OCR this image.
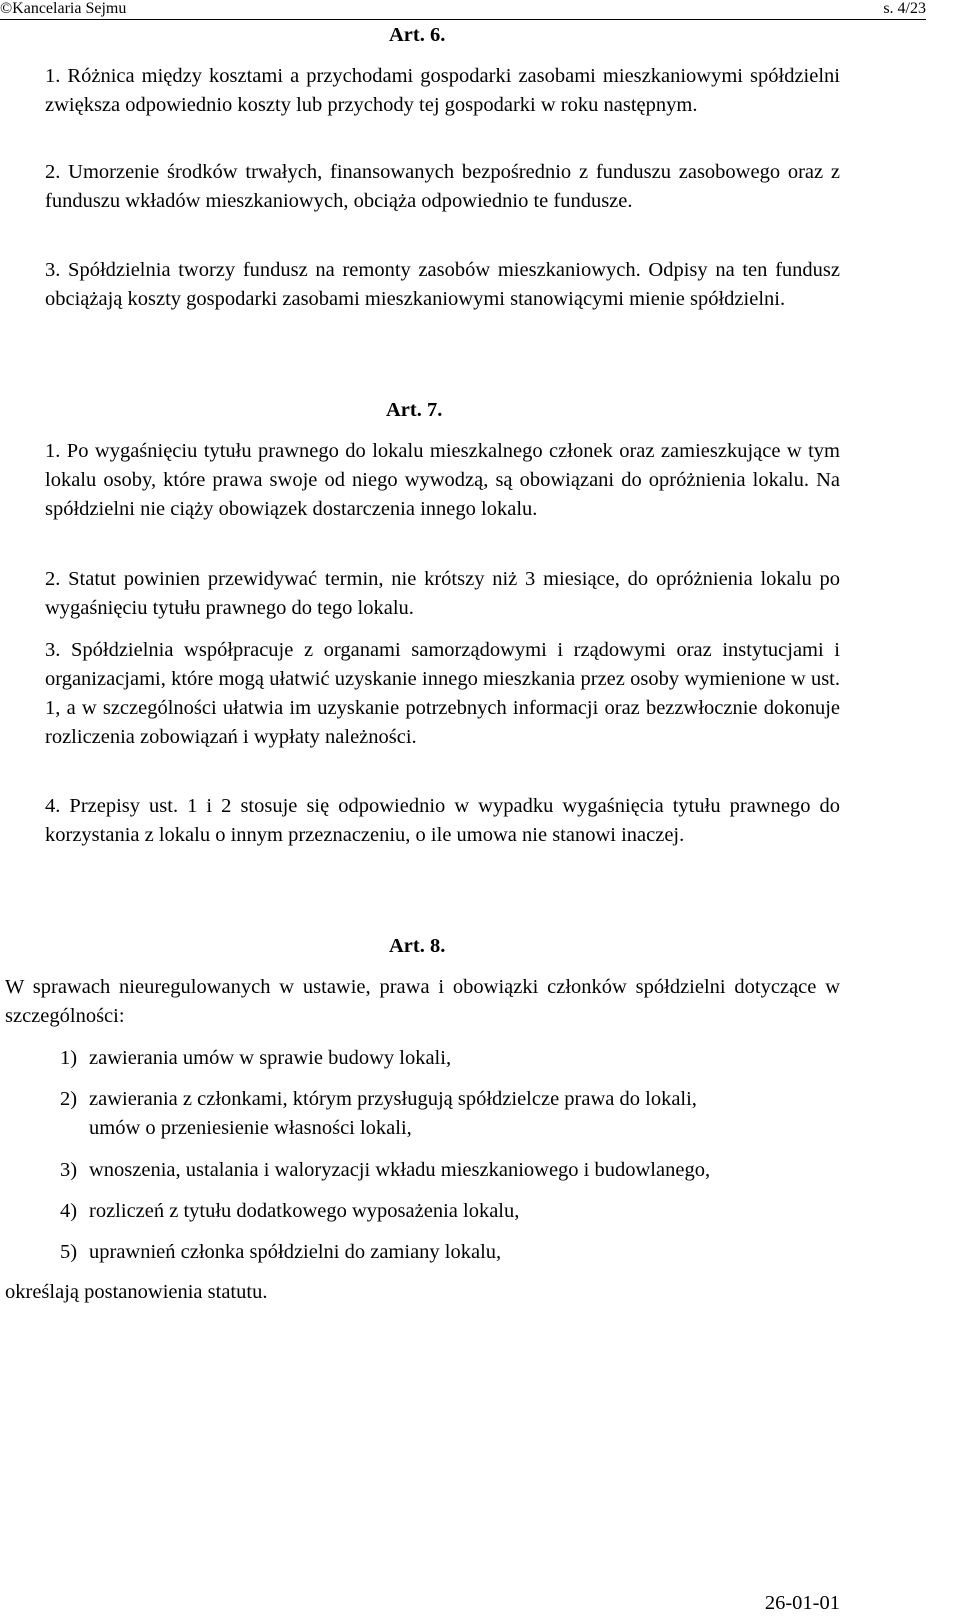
©Kancelaria Sejmu	s. 4/23
Art. 6.
1. Różnica między kosztami a przychodami gospodarki zasobami mieszkaniowymi spółdzielni zwiększa odpowiednio koszty lub przychody tej gospodarki w roku następnym.
2. Umorzenie środków trwałych, finansowanych bezpośrednio z funduszu zasobowego oraz z funduszu wkładów mieszkaniowych, obciąża odpowiednio te fundusze.
3. Spółdzielnia tworzy fundusz na remonty zasobów mieszkaniowych. Odpisy na ten fundusz obciążają koszty gospodarki zasobami mieszkaniowymi stanowiącymi mienie spółdzielni.
Art. 7.
1. Po wygaśnięciu tytułu prawnego do lokalu mieszkalnego członek oraz zamieszkujące w tym lokalu osoby, które prawa swoje od niego wywodzą, są obowiązani do opróżnienia lokalu. Na spółdzielni nie ciąży obowiązek dostarczenia innego lokalu.
2. Statut powinien przewidywać termin, nie krótszy niż 3 miesiące, do opróżnienia lokalu po wygaśnięciu tytułu prawnego do tego lokalu.
3. Spółdzielnia współpracuje z organami samorządowymi i rządowymi oraz instytucjami i organizacjami, które mogą ułatwić uzyskanie innego mieszkania przez osoby wymienione w ust. 1, a w szczególności ułatwia im uzyskanie potrzebnych informacji oraz bezzwłocznie dokonuje rozliczenia zobowiązań i wypłaty należności.
4. Przepisy ust. 1 i 2 stosuje się odpowiednio w wypadku wygaśnięcia tytułu prawnego do korzystania z lokalu o innym przeznaczeniu, o ile umowa nie stanowi inaczej.
Art. 8.
W sprawach nieuregulowanych w ustawie, prawa i obowiązki członków spółdzielni dotyczące w szczególności:
1) zawierania umów w sprawie budowy lokali,
2) zawierania z członkami, którym przysługują spółdzielcze prawa do lokali,
umów o przeniesienie własności lokali,
3) wnoszenia, ustalania i waloryzacji wkładu mieszkaniowego i budowlanego,
4) rozliczeń z tytułu dodatkowego wyposażenia lokalu,
5) uprawnień członka spółdzielni do zamiany lokalu,
określają postanowienia statutu.
26-01-01
